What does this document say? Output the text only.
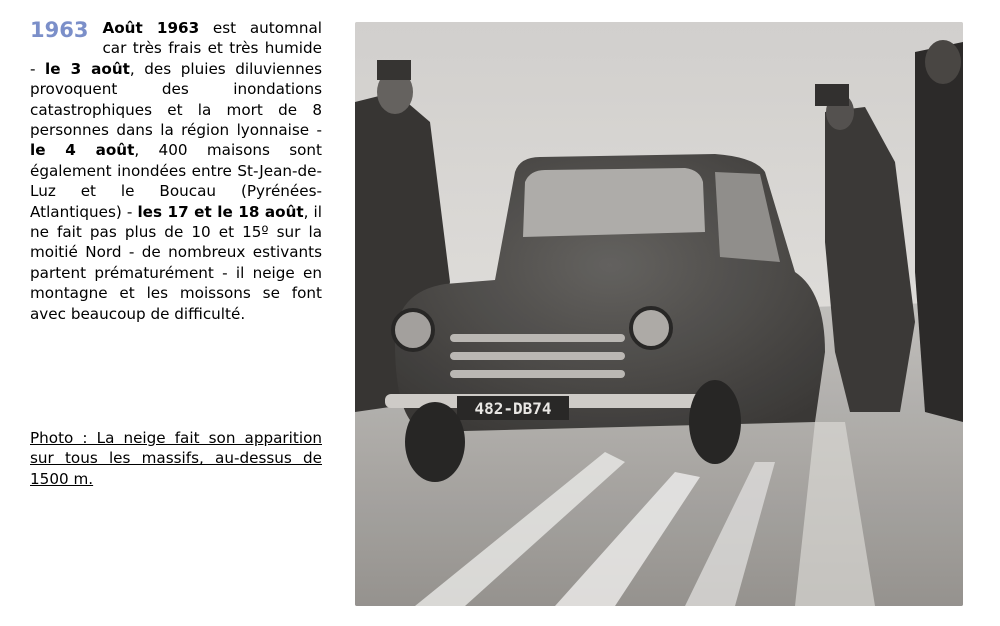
1963 Août 1963 est automnal car très frais et très humide - le 3 août, des pluies diluviennes provoquent des inondations catastrophiques et la mort de 8 personnes dans la région lyonnaise - le 4 août, 400 maisons sont également inondées entre St-Jean-de-Luz et le Boucau (Pyrénées-Atlantiques) - les 17 et le 18 août, il ne fait pas plus de 10 et 15º sur la moitié Nord - de nombreux estivants partent prématurément - il neige en montagne et les moissons se font avec beaucoup de difficulté.
Photo : La neige fait son apparition sur tous les massifs, au-dessus de 1500 m.
482-DB74
